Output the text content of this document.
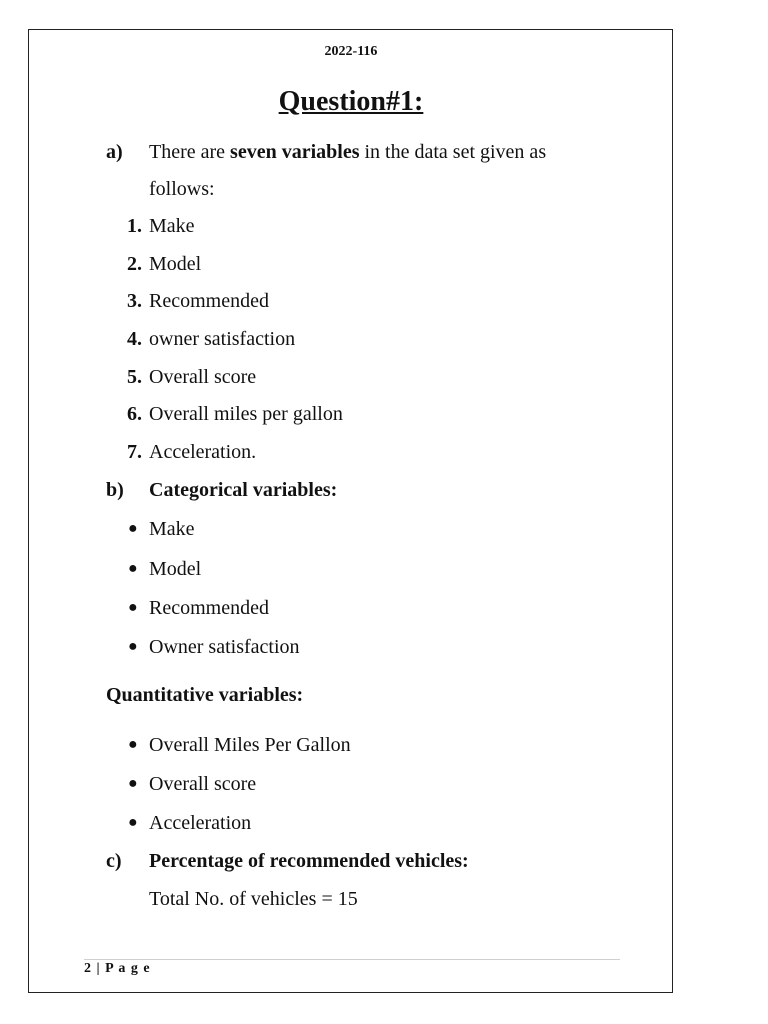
2022-116
Question#1:
a) There are seven variables in the data set given as
follows:
1. Make
2. Model
3. Recommended
4. owner satisfaction
5. Overall score
6. Overall miles per gallon
7. Acceleration.
b) Categorical variables:
● Make
● Model
● Recommended
● Owner satisfaction
Quantitative variables:
● Overall Miles Per Gallon
● Overall score
● Acceleration
c) Percentage of recommended vehicles:
Total No. of vehicles = 15
2 | P a g e
